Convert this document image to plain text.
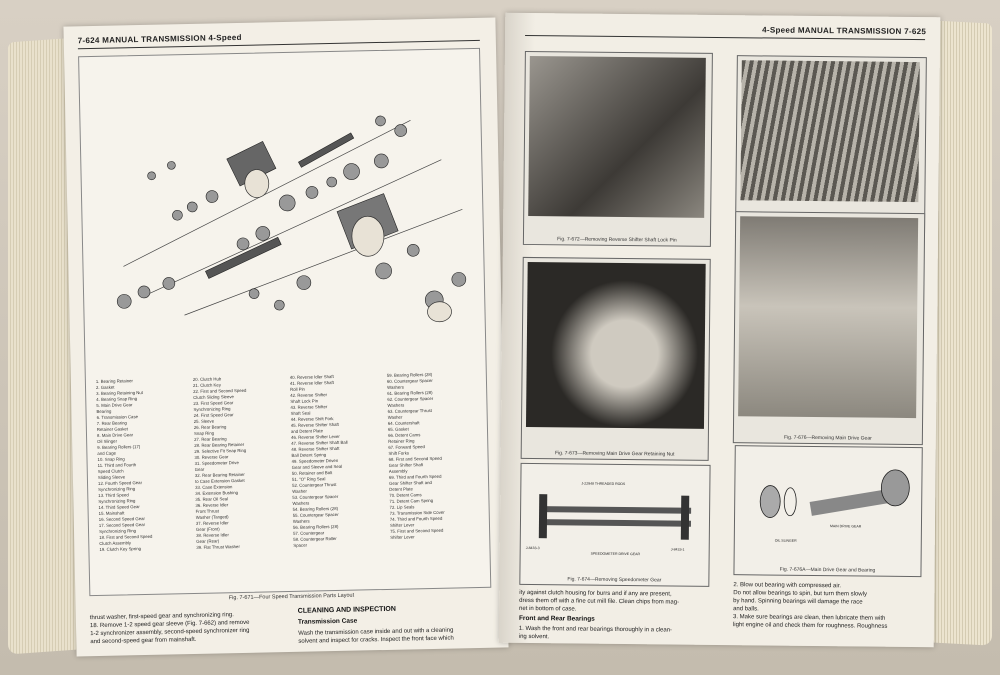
7-624 MANUAL TRANSMISSION 4-Speed
1. Bearing Retainer
2. Gasket
3. Bearing Retaining Nut
4. Bearing Snap Ring
5. Main Drive Gear
Bearing
6. Transmission Case
7. Rear Bearing
Retainer Gasket
8. Main Drive Gear
Oil Slinger
9. Bearing Rollers (17)
and Cage
10. Snap Ring
11. Third and Fourth
Speed Clutch
Sliding Sleeve
12. Fourth Speed Gear
Synchronizing Ring
13. Third Speed
Synchronizing Ring
14. Third Speed Gear
15. Mainshaft
16. Second Speed Gear
17. Second Speed Gear
Synchronizing Ring
18. First and Second Speed
Clutch Assembly
19. Clutch Key Spring
20. Clutch Hub
21. Clutch Key
22. First and Second Speed
Clutch Sliding Sleeve
23. First Speed Gear
Synchronizing Ring
24. First Speed Gear
25. Sleeve
26. Rear Bearing
Snap Ring
27. Rear Bearing
28. Rear Bearing Retainer
29. Selective Fit Snap Ring
30. Reverse Gear
31. Speedometer Drive
Gear
32. Rear Bearing Retainer
to Case Extension Gasket
33. Case Extension
34. Extension Bushing
35. Rear Oil Seal
36. Reverse Idler
Front Thrust
Washer (Tanged)
37. Reverse Idler
Gear (Front)
38. Reverse Idler
Gear (Rear)
39. Flat Thrust Washer
40. Reverse Idler Shaft
41. Reverse Idler Shaft
Roll Pin
42. Reverse Shifter
Shaft Lock Pin
43. Reverse Shifter
Shaft Seal
44. Reverse Shift Fork
45. Reverse Shifter Shaft
and Detent Plate
46. Reverse Shifter Lever
47. Reverse Shifter Shaft Ball
48. Reverse Shifter Shaft
Ball Detent Spring
49. Speedometer Driven
Gear and Sleeve and Seal
50. Retainer and Bolt
51. "O" Ring Seal
52. Countergear Thrust
Washer
53. Countergear Spacer
Washers
54. Bearing Rollers (28)
55. Countergear Spacer
Washers
56. Bearing Rollers (28)
57. Countergear
58. Countergear Roller
Spacer
59. Bearing Rollers (28)
60. Countergear Spacer
Washers
61. Bearing Rollers (28)
62. Countergear Spacer
Washers
63. Countergear Thrust
Washer
64. Countershaft
65. Gasket
66. Detent Cams
Retainer Ring
67. Forward Speed
Shift Forks
68. First and Second Speed
Gear Shifter Shaft
Assembly
69. Third and Fourth Speed
Gear Shifter Shaft and
Detent Plate
70. Detent Cams
71. Detent Cam Spring
72. Lip Seals
73. Transmission Side Cover
74. Third and Fourth Speed
Shifter Lever
75. First and Second Speed
Shifter Lever
Fig. 7-671—Four Speed Transmission Parts Layout
thrust washer, first-speed gear and synchronizing ring.
18. Remove 1-2 speed gear sleeve (Fig. 7-662) and remove
1-2 synchronizer assembly, second-speed synchronizer ring
and second-speed gear from mainshaft.
CLEANING AND INSPECTION
Transmission Case
Wash the transmission case inside and out with a cleaning
solvent and inspect for cracks. Inspect the front face which
4-Speed MANUAL TRANSMISSION 7-625
Fig. 7-672—Removing Reverse Shifter Shaft Lock Pin
Fig. 7-673—Removing Main Drive Gear Retaining Nut
Fig. 7-676—Removing Main Drive Gear
J-22948 THREADED RODS
SPEEDOMETER DRIVE GEAR
J-8433-1
J-8433-3
Fig. 7-674—Removing Speedometer Gear
MAIN DRIVE GEAR
OIL SLINGER
Fig. 7-676A—Main Drive Gear and Bearing
ity against clutch housing for burrs and if any are present,
dress them off with a fine cut mill file. Clean chips from mag-
net in bottom of case.
Front and Rear Bearings
1. Wash the front and rear bearings thoroughly in a clean-
ing solvent.
2. Blow out bearing with compressed air.
Do not allow bearings to spin, but turn them slowly
by hand. Spinning bearings will damage the race
and balls.
3. Make sure bearings are clean, then lubricate them with
light engine oil and check them for roughness. Roughness
